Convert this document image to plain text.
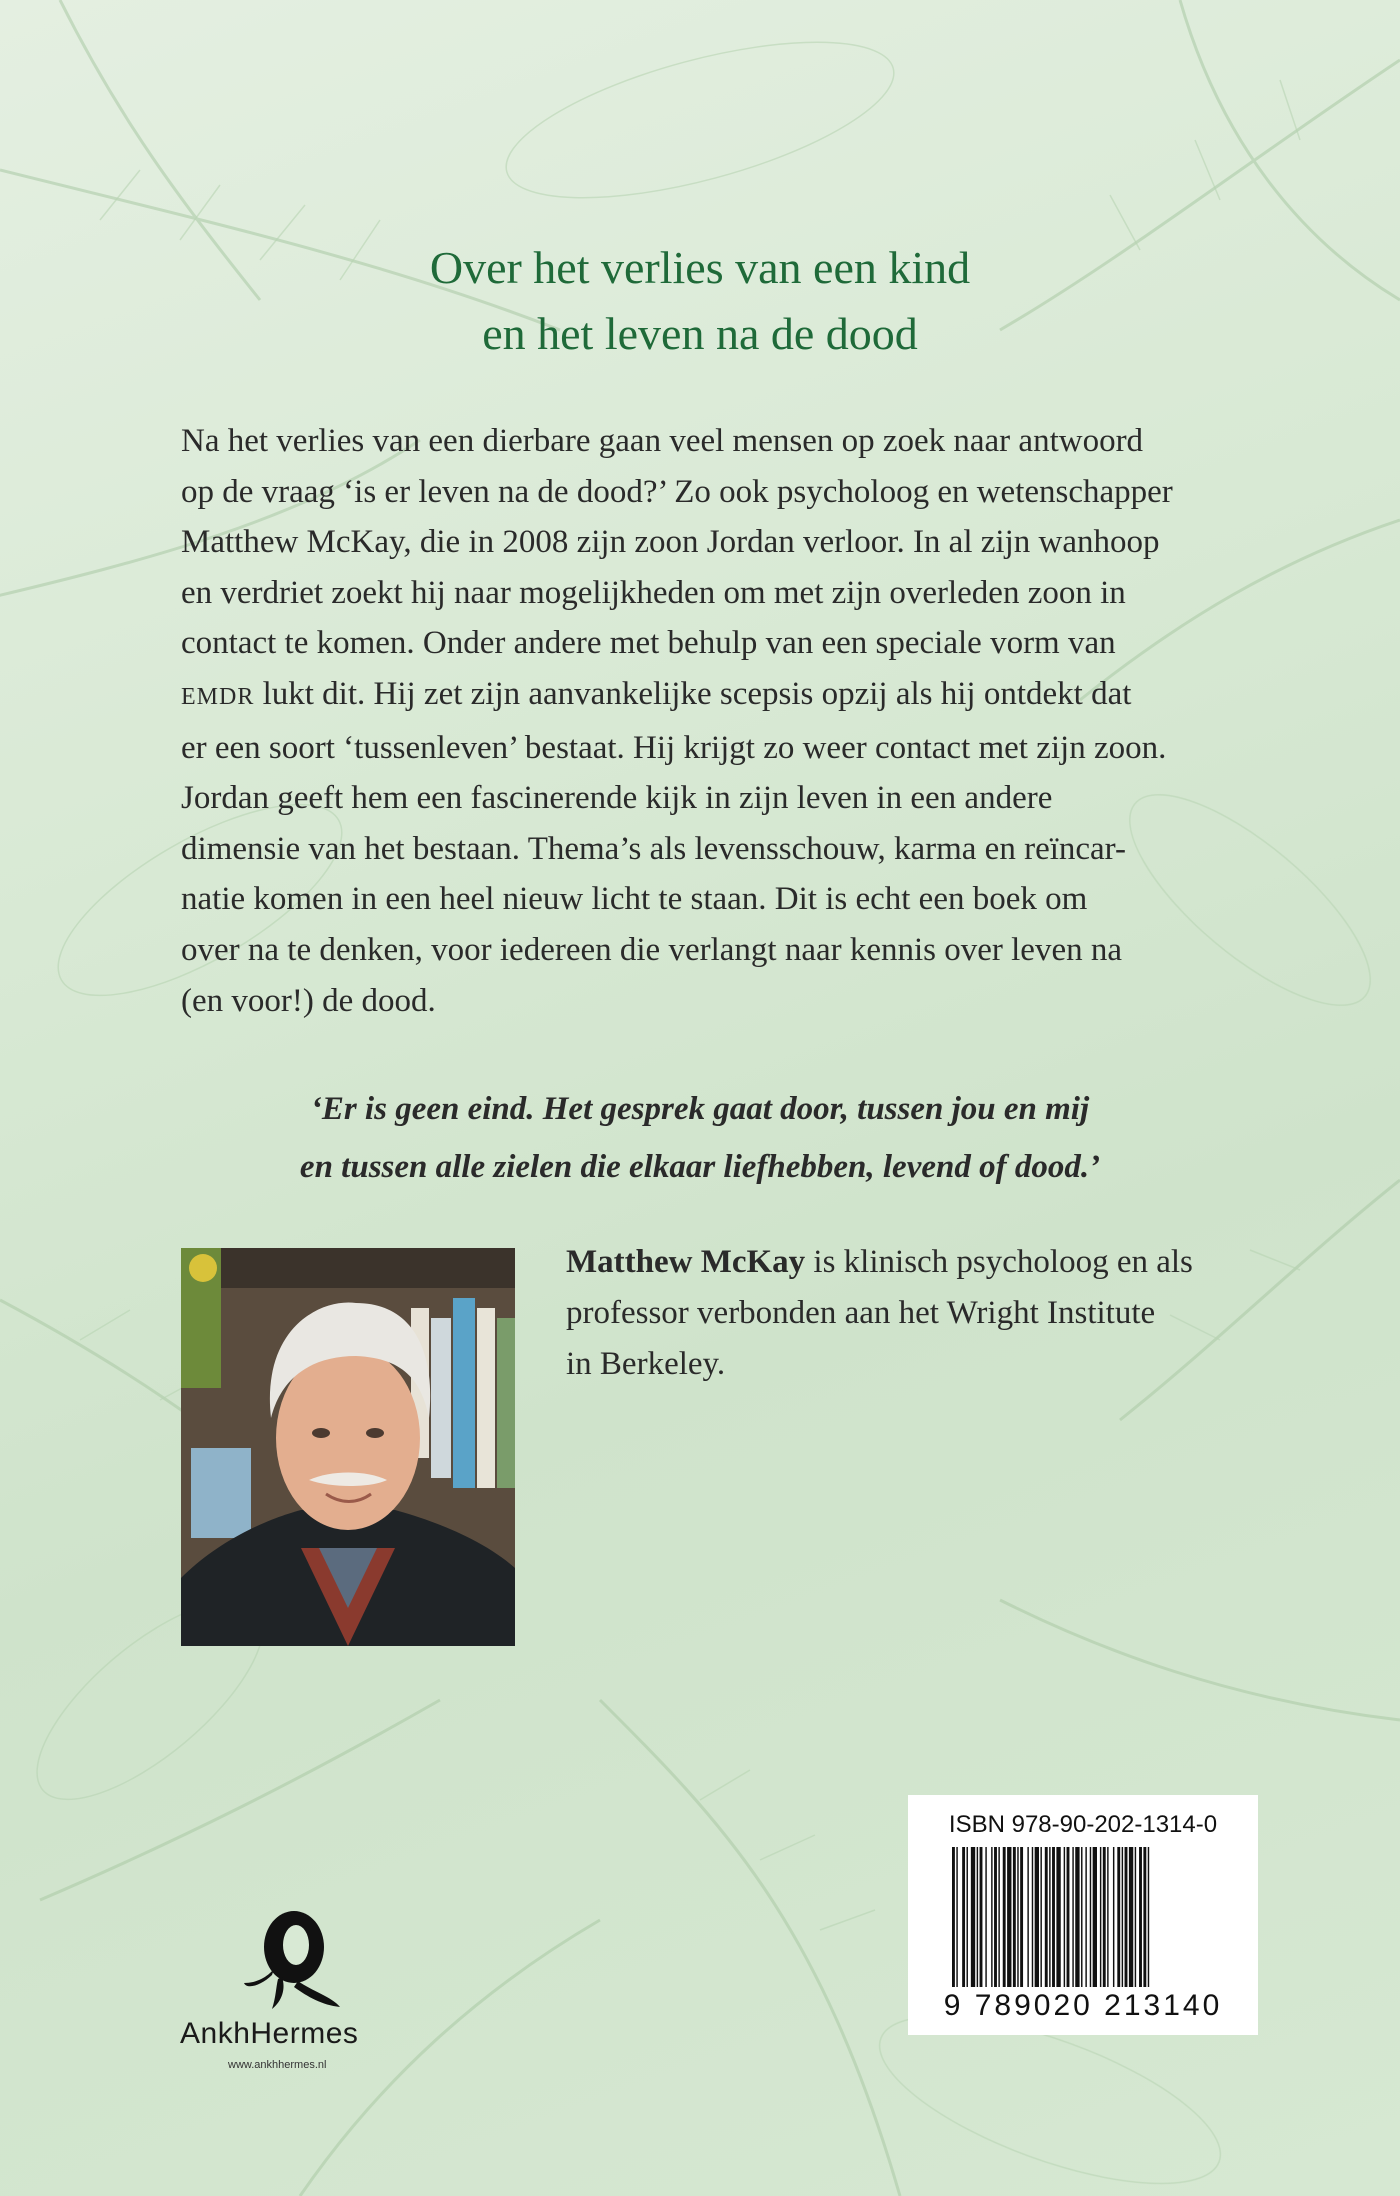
Over het verlies van een kind
en het leven na de dood
Na het verlies van een dierbare gaan veel mensen op zoek naar antwoord
op de vraag ‘is er leven na de dood?’ Zo ook psycholoog en wetenschapper
Matthew McKay, die in 2008 zijn zoon Jordan verloor. In al zijn wanhoop
en verdriet zoekt hij naar mogelijkheden om met zijn overleden zoon in
contact te komen. Onder andere met behulp van een speciale vorm van
EMDR lukt dit. Hij zet zijn aanvankelijke scepsis opzij als hij ontdekt dat
er een soort ‘tussenleven’ bestaat. Hij krijgt zo weer contact met zijn zoon.
Jordan geeft hem een fascinerende kijk in zijn leven in een andere
dimensie van het bestaan. Thema’s als levensschouw, karma en reïncar-
natie komen in een heel nieuw licht te staan. Dit is echt een boek om
over na te denken, voor iedereen die verlangt naar kennis over leven na
(en voor!) de dood.
‘Er is geen eind. Het gesprek gaat door, tussen jou en mij
en tussen alle zielen die elkaar liefhebben, levend of dood.’
Matthew McKay is klinisch psycholoog en als
professor verbonden aan het Wright Institute
in Berkeley.
AnkhHermes
www.ankhhermes.nl
ISBN 978-90-202-1314-0
9 789020 213140
